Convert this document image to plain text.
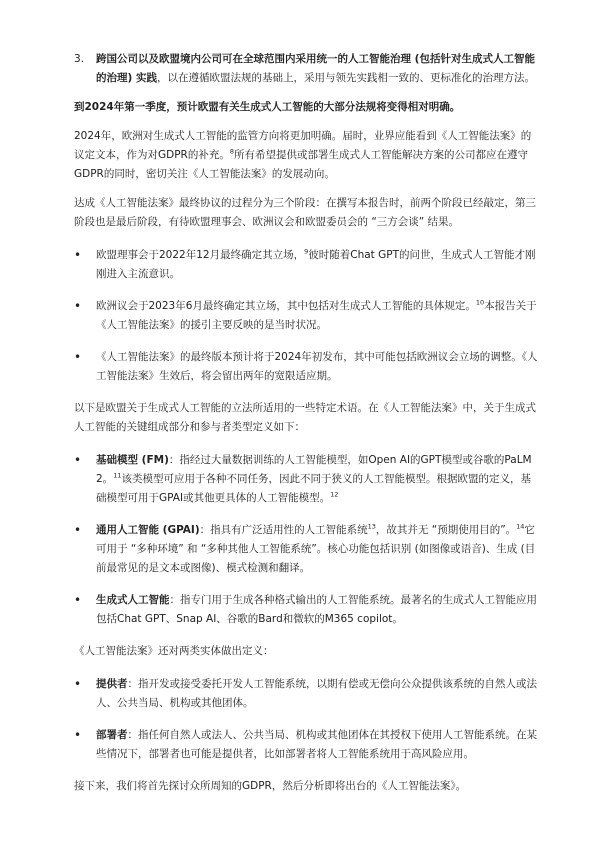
3.	跨国公司以及欧盟境内公司可在全球范围内采用统一的人工智能治理 (包括针对生成式人工智能的治理) 实践，以在遵循欧盟法规的基础上，采用与领先实践相一致的、更标准化的治理方法。

到2024年第一季度，预计欧盟有关生成式人工智能的大部分法规将变得相对明确。

2024年，欧洲对生成式人工智能的监管方向将更加明确。届时，业界应能看到《人工智能法案》的议定文本，作为对GDPR的补充。$^8$所有希望提供或部署生成式人工智能解决方案的公司都应在遵守GDPR的同时，密切关注《人工智能法案》的发展动向。

达成《人工智能法案》最终协议的过程分为三个阶段：在撰写本报告时，前两个阶段已经敲定，第三阶段也是最后阶段，有待欧盟理事会、欧洲议会和欧盟委员会的 “三方会谈” 结果。

•	欧盟理事会于2022年12月最终确定其立场，$^9$彼时随着Chat GPT的问世，生成式人工智能才刚刚进入主流意识。

•	欧洲议会于2023年6月最终确定其立场，其中包括对生成式人工智能的具体规定。$^{10}$本报告关于《人工智能法案》的援引主要反映的是当时状况。

•	《人工智能法案》的最终版本预计将于2024年初发布，其中可能包括欧洲议会立场的调整。《人工智能法案》生效后，将会留出两年的宽限适应期。

以下是欧盟关于生成式人工智能的立法所适用的一些特定术语。在《人工智能法案》中，关于生成式人工智能的关键组成部分和参与者类型定义如下：

•	基础模型 (FM)：指经过大量数据训练的人工智能模型，如Open AI的GPT模型或谷歌的PaLM 2。$^{11}$该类模型可应用于各种不同任务，因此不同于狭义的人工智能模型。根据欧盟的定义，基础模型可用于GPAI或其他更具体的人工智能模型。$^{12}$

•	通用人工智能 (GPAI)：指具有广泛适用性的人工智能系统$^{13}$，故其并无 “预期使用目的”。$^{14}$它可用于 “多种环境” 和 “多种其他人工智能系统”。核心功能包括识别 (如图像或语音)、生成 (目前最常见的是文本或图像)、模式检测和翻译。

•	生成式人工智能：指专门用于生成各种格式输出的人工智能系统。最著名的生成式人工智能应用包括Chat GPT、Snap AI、谷歌的Bard和微软的M365 copilot。

《人工智能法案》还对两类实体做出定义：

•	提供者：指开发或接受委托开发人工智能系统，以期有偿或无偿向公众提供该系统的自然人或法人、公共当局、机构或其他团体。

•	部署者：指任何自然人或法人、公共当局、机构或其他团体在其授权下使用人工智能系统。在某些情况下，部署者也可能是提供者，比如部署者将人工智能系统用于高风险应用。

接下来，我们将首先探讨众所周知的GDPR，然后分析即将出台的《人工智能法案》。
